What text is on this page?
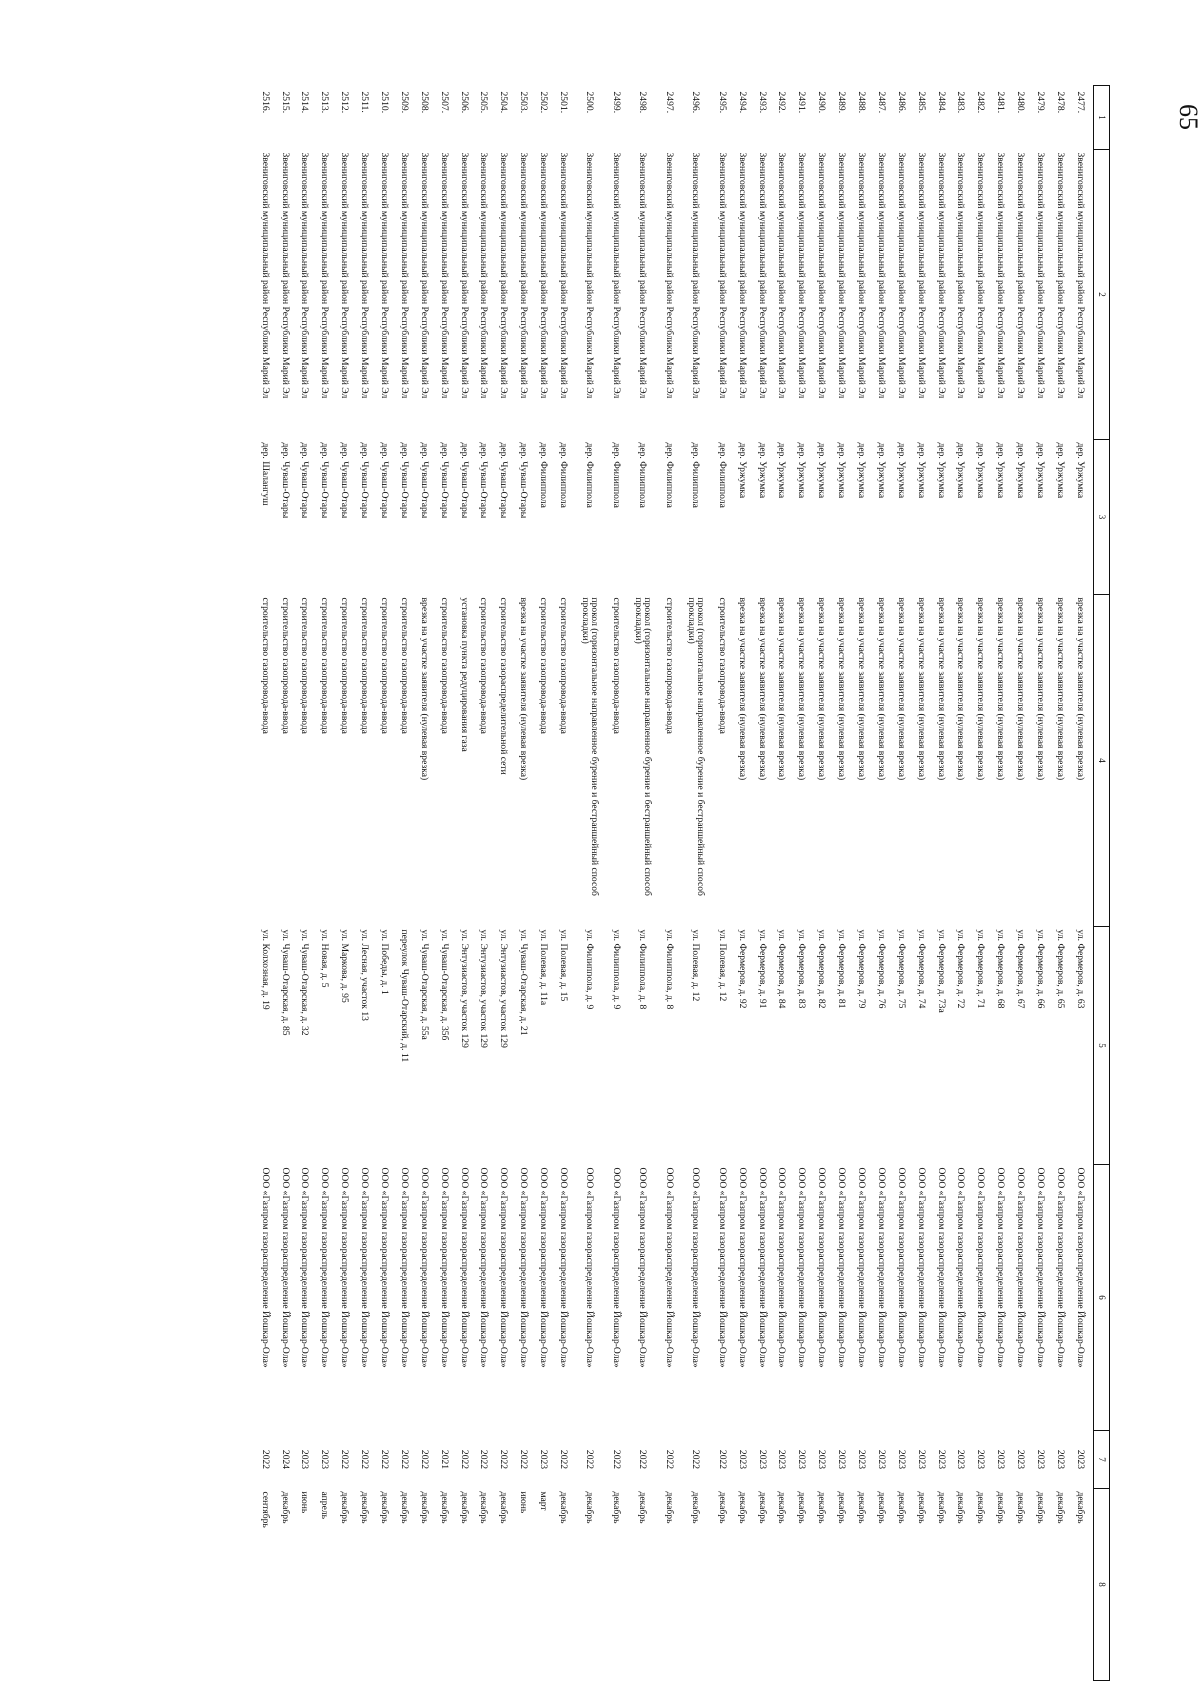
65
1	2	3	4	5	6	7	8
2477.	Звениговский муниципальный район Республики Марий Эл	дер. Уржумка	врезка на участке заявителя (нулевая врезка)	ул. Фермеров, д. 63	ООО «Газпром газораспределение Йошкар-Ола»	2023	декабрь
2478.	Звениговский муниципальный район Республики Марий Эл	дер. Уржумка	врезка на участке заявителя (нулевая врезка)	ул. Фермеров, д. 65	ООО «Газпром газораспределение Йошкар-Ола»	2023	декабрь
2479.	Звениговский муниципальный район Республики Марий Эл	дер. Уржумка	врезка на участке заявителя (нулевая врезка)	ул. Фермеров, д. 66	ООО «Газпром газораспределение Йошкар-Ола»	2023	декабрь
2480.	Звениговский муниципальный район Республики Марий Эл	дер. Уржумка	врезка на участке заявителя (нулевая врезка)	ул. Фермеров, д. 67	ООО «Газпром газораспределение Йошкар-Ола»	2023	декабрь
2481.	Звениговский муниципальный район Республики Марий Эл	дер. Уржумка	врезка на участке заявителя (нулевая врезка)	ул. Фермеров, д. 68	ООО «Газпром газораспределение Йошкар-Ола»	2023	декабрь
2482.	Звениговский муниципальный район Республики Марий Эл	дер. Уржумка	врезка на участке заявителя (нулевая врезка)	ул. Фермеров, д. 71	ООО «Газпром газораспределение Йошкар-Ола»	2023	декабрь
2483.	Звениговский муниципальный район Республики Марий Эл	дер. Уржумка	врезка на участке заявителя (нулевая врезка)	ул. Фермеров, д. 72	ООО «Газпром газораспределение Йошкар-Ола»	2023	декабрь
2484.	Звениговский муниципальный район Республики Марий Эл	дер. Уржумка	врезка на участке заявителя (нулевая врезка)	ул. Фермеров, д. 73а	ООО «Газпром газораспределение Йошкар-Ола»	2023	декабрь
2485.	Звениговский муниципальный район Республики Марий Эл	дер. Уржумка	врезка на участке заявителя (нулевая врезка)	ул. Фермеров, д. 74	ООО «Газпром газораспределение Йошкар-Ола»	2023	декабрь
2486.	Звениговский муниципальный район Республики Марий Эл	дер. Уржумка	врезка на участке заявителя (нулевая врезка)	ул. Фермеров, д. 75	ООО «Газпром газораспределение Йошкар-Ола»	2023	декабрь
2487.	Звениговский муниципальный район Республики Марий Эл	дер. Уржумка	врезка на участке заявителя (нулевая врезка)	ул. Фермеров, д. 76	ООО «Газпром газораспределение Йошкар-Ола»	2023	декабрь
2488.	Звениговский муниципальный район Республики Марий Эл	дер. Уржумка	врезка на участке заявителя (нулевая врезка)	ул. Фермеров, д. 79	ООО «Газпром газораспределение Йошкар-Ола»	2023	декабрь
2489.	Звениговский муниципальный район Республики Марий Эл	дер. Уржумка	врезка на участке заявителя (нулевая врезка)	ул. Фермеров, д. 81	ООО «Газпром газораспределение Йошкар-Ола»	2023	декабрь
2490.	Звениговский муниципальный район Республики Марий Эл	дер. Уржумка	врезка на участке заявителя (нулевая врезка)	ул. Фермеров, д. 82	ООО «Газпром газораспределение Йошкар-Ола»	2023	декабрь
2491.	Звениговский муниципальный район Республики Марий Эл	дер. Уржумка	врезка на участке заявителя (нулевая врезка)	ул. Фермеров, д. 83	ООО «Газпром газораспределение Йошкар-Ола»	2023	декабрь
2492.	Звениговский муниципальный район Республики Марий Эл	дер. Уржумка	врезка на участке заявителя (нулевая врезка)	ул. Фермеров, д. 84	ООО «Газпром газораспределение Йошкар-Ола»	2023	декабрь
2493.	Звениговский муниципальный район Республики Марий Эл	дер. Уржумка	врезка на участке заявителя (нулевая врезка)	ул. Фермеров, д. 91	ООО «Газпром газораспределение Йошкар-Ола»	2023	декабрь
2494.	Звениговский муниципальный район Республики Марий Эл	дер. Уржумка	врезка на участке заявителя (нулевая врезка)	ул. Фермеров, д. 92	ООО «Газпром газораспределение Йошкар-Ола»	2023	декабрь
2495.	Звениговский муниципальный район Республики Марий Эл	дер. Филиппола	строительство газопровода-ввода	ул. Полевая, д. 12	ООО «Газпром газораспределение Йошкар-Ола»	2022	декабрь
2496.	Звениговский муниципальный район Республики Марий Эл	дер. Филиппола	прокол (горизонтальное направленное бурение и бестраншейный способ прокладки)	ул. Полевая, д. 12	ООО «Газпром газораспределение Йошкар-Ола»	2022	декабрь
2497.	Звениговский муниципальный район Республики Марий Эл	дер. Филиппола	строительство газопровода-ввода	ул. Филиппола, д. 8	ООО «Газпром газораспределение Йошкар-Ола»	2022	декабрь
2498.	Звениговский муниципальный район Республики Марий Эл	дер. Филиппола	прокол (горизонтальное направленное бурение и бестраншейный способ прокладки)	ул. Филиппола, д. 8	ООО «Газпром газораспределение Йошкар-Ола»	2022	декабрь
2499.	Звениговский муниципальный район Республики Марий Эл	дер. Филиппола	строительство газопровода-ввода	ул. Филиппола, д. 9	ООО «Газпром газораспределение Йошкар-Ола»	2022	декабрь
2500.	Звениговский муниципальный район Республики Марий Эл	дер. Филиппола	прокол (горизонтальное направленное бурение и бестраншейный способ прокладки)	ул. Филиппола, д. 9	ООО «Газпром газораспределение Йошкар-Ола»	2022	декабрь
2501.	Звениговский муниципальный район Республики Марий Эл	дер. Филиппола	строительство газопровода-ввода	ул. Полевая, д. 15	ООО «Газпром газораспределение Йошкар-Ола»	2022	декабрь
2502.	Звениговский муниципальный район Республики Марий Эл	дер. Филиппола	строительство газопровода-ввода	ул. Полевая, д. 11а	ООО «Газпром газораспределение Йошкар-Ола»	2023	март
2503.	Звениговский муниципальный район Республики Марий Эл	дер. Чуваш-Отары	врезка на участке заявителя (нулевая врезка)	ул. Чуваш-Отарская, д. 21	ООО «Газпром газораспределение Йошкар-Ола»	2022	июнь
2504.	Звениговский муниципальный район Республики Марий Эл	дер. Чуваш-Отары	строительство газораспределительной сети	ул. Энтузиастов, участок 129	ООО «Газпром газораспределение Йошкар-Ола»	2022	декабрь
2505.	Звениговский муниципальный район Республики Марий Эл	дер. Чуваш-Отары	строительство газопровода-ввода	ул. Энтузиастов, участок 129	ООО «Газпром газораспределение Йошкар-Ола»	2022	декабрь
2506.	Звениговский муниципальный район Республики Марий Эл	дер. Чуваш-Отары	установка пункта редуцирования газа	ул. Энтузиастов, участок 129	ООО «Газпром газораспределение Йошкар-Ола»	2022	декабрь
2507.	Звениговский муниципальный район Республики Марий Эл	дер. Чуваш-Отары	строительство газопровода-ввода	ул. Чуваш-Отарская, д. 35б	ООО «Газпром газораспределение Йошкар-Ола»	2021	декабрь
2508.	Звениговский муниципальный район Республики Марий Эл	дер. Чуваш-Отары	врезка на участке заявителя (нулевая врезка)	ул. Чуваш-Отарская, д. 55а	ООО «Газпром газораспределение Йошкар-Ола»	2022	декабрь
2509.	Звениговский муниципальный район Республики Марий Эл	дер. Чуваш-Отары	строительство газопровода-ввода	переулок Чуваш-Отарский, д. 11	ООО «Газпром газораспределение Йошкар-Ола»	2022	декабрь
2510.	Звениговский муниципальный район Республики Марий Эл	дер. Чуваш-Отары	строительство газопровода-ввода	ул. Победы, д. 1	ООО «Газпром газораспределение Йошкар-Ола»	2022	декабрь
2511.	Звениговский муниципальный район Республики Марий Эл	дер. Чуваш-Отары	строительство газопровода-ввода	ул. Лесная, участок 13	ООО «Газпром газораспределение Йошкар-Ола»	2022	декабрь
2512.	Звениговский муниципальный район Республики Марий Эл	дер. Чуваш-Отары	строительство газопровода-ввода	ул. Маркова, д. 95	ООО «Газпром газораспределение Йошкар-Ола»	2022	декабрь
2513.	Звениговский муниципальный район Республики Марий Эл	дер. Чуваш-Отары	строительство газопровода-ввода	ул. Новая, д. 5	ООО «Газпром газораспределение Йошкар-Ола»	2023	апрель
2514.	Звениговский муниципальный район Республики Марий Эл	дер. Чуваш-Отары	строительство газопровода-ввода	ул. Чуваш-Отарская, д. 32	ООО «Газпром газораспределение Йошкар-Ола»	2023	июнь
2515.	Звениговский муниципальный район Республики Марий Эл	дер. Чуваш-Отары	строительство газопровода-ввода	ул. Чуваш-Отарская, д. 85	ООО «Газпром газораспределение Йошкар-Ола»	2024	декабрь
2516.	Звениговский муниципальный район Республики Марий Эл	дер. Шалангуш	строительство газопровода-ввода	ул. Колхозная, д. 19	ООО «Газпром газораспределение Йошкар-Ола»	2022	сентябрь
